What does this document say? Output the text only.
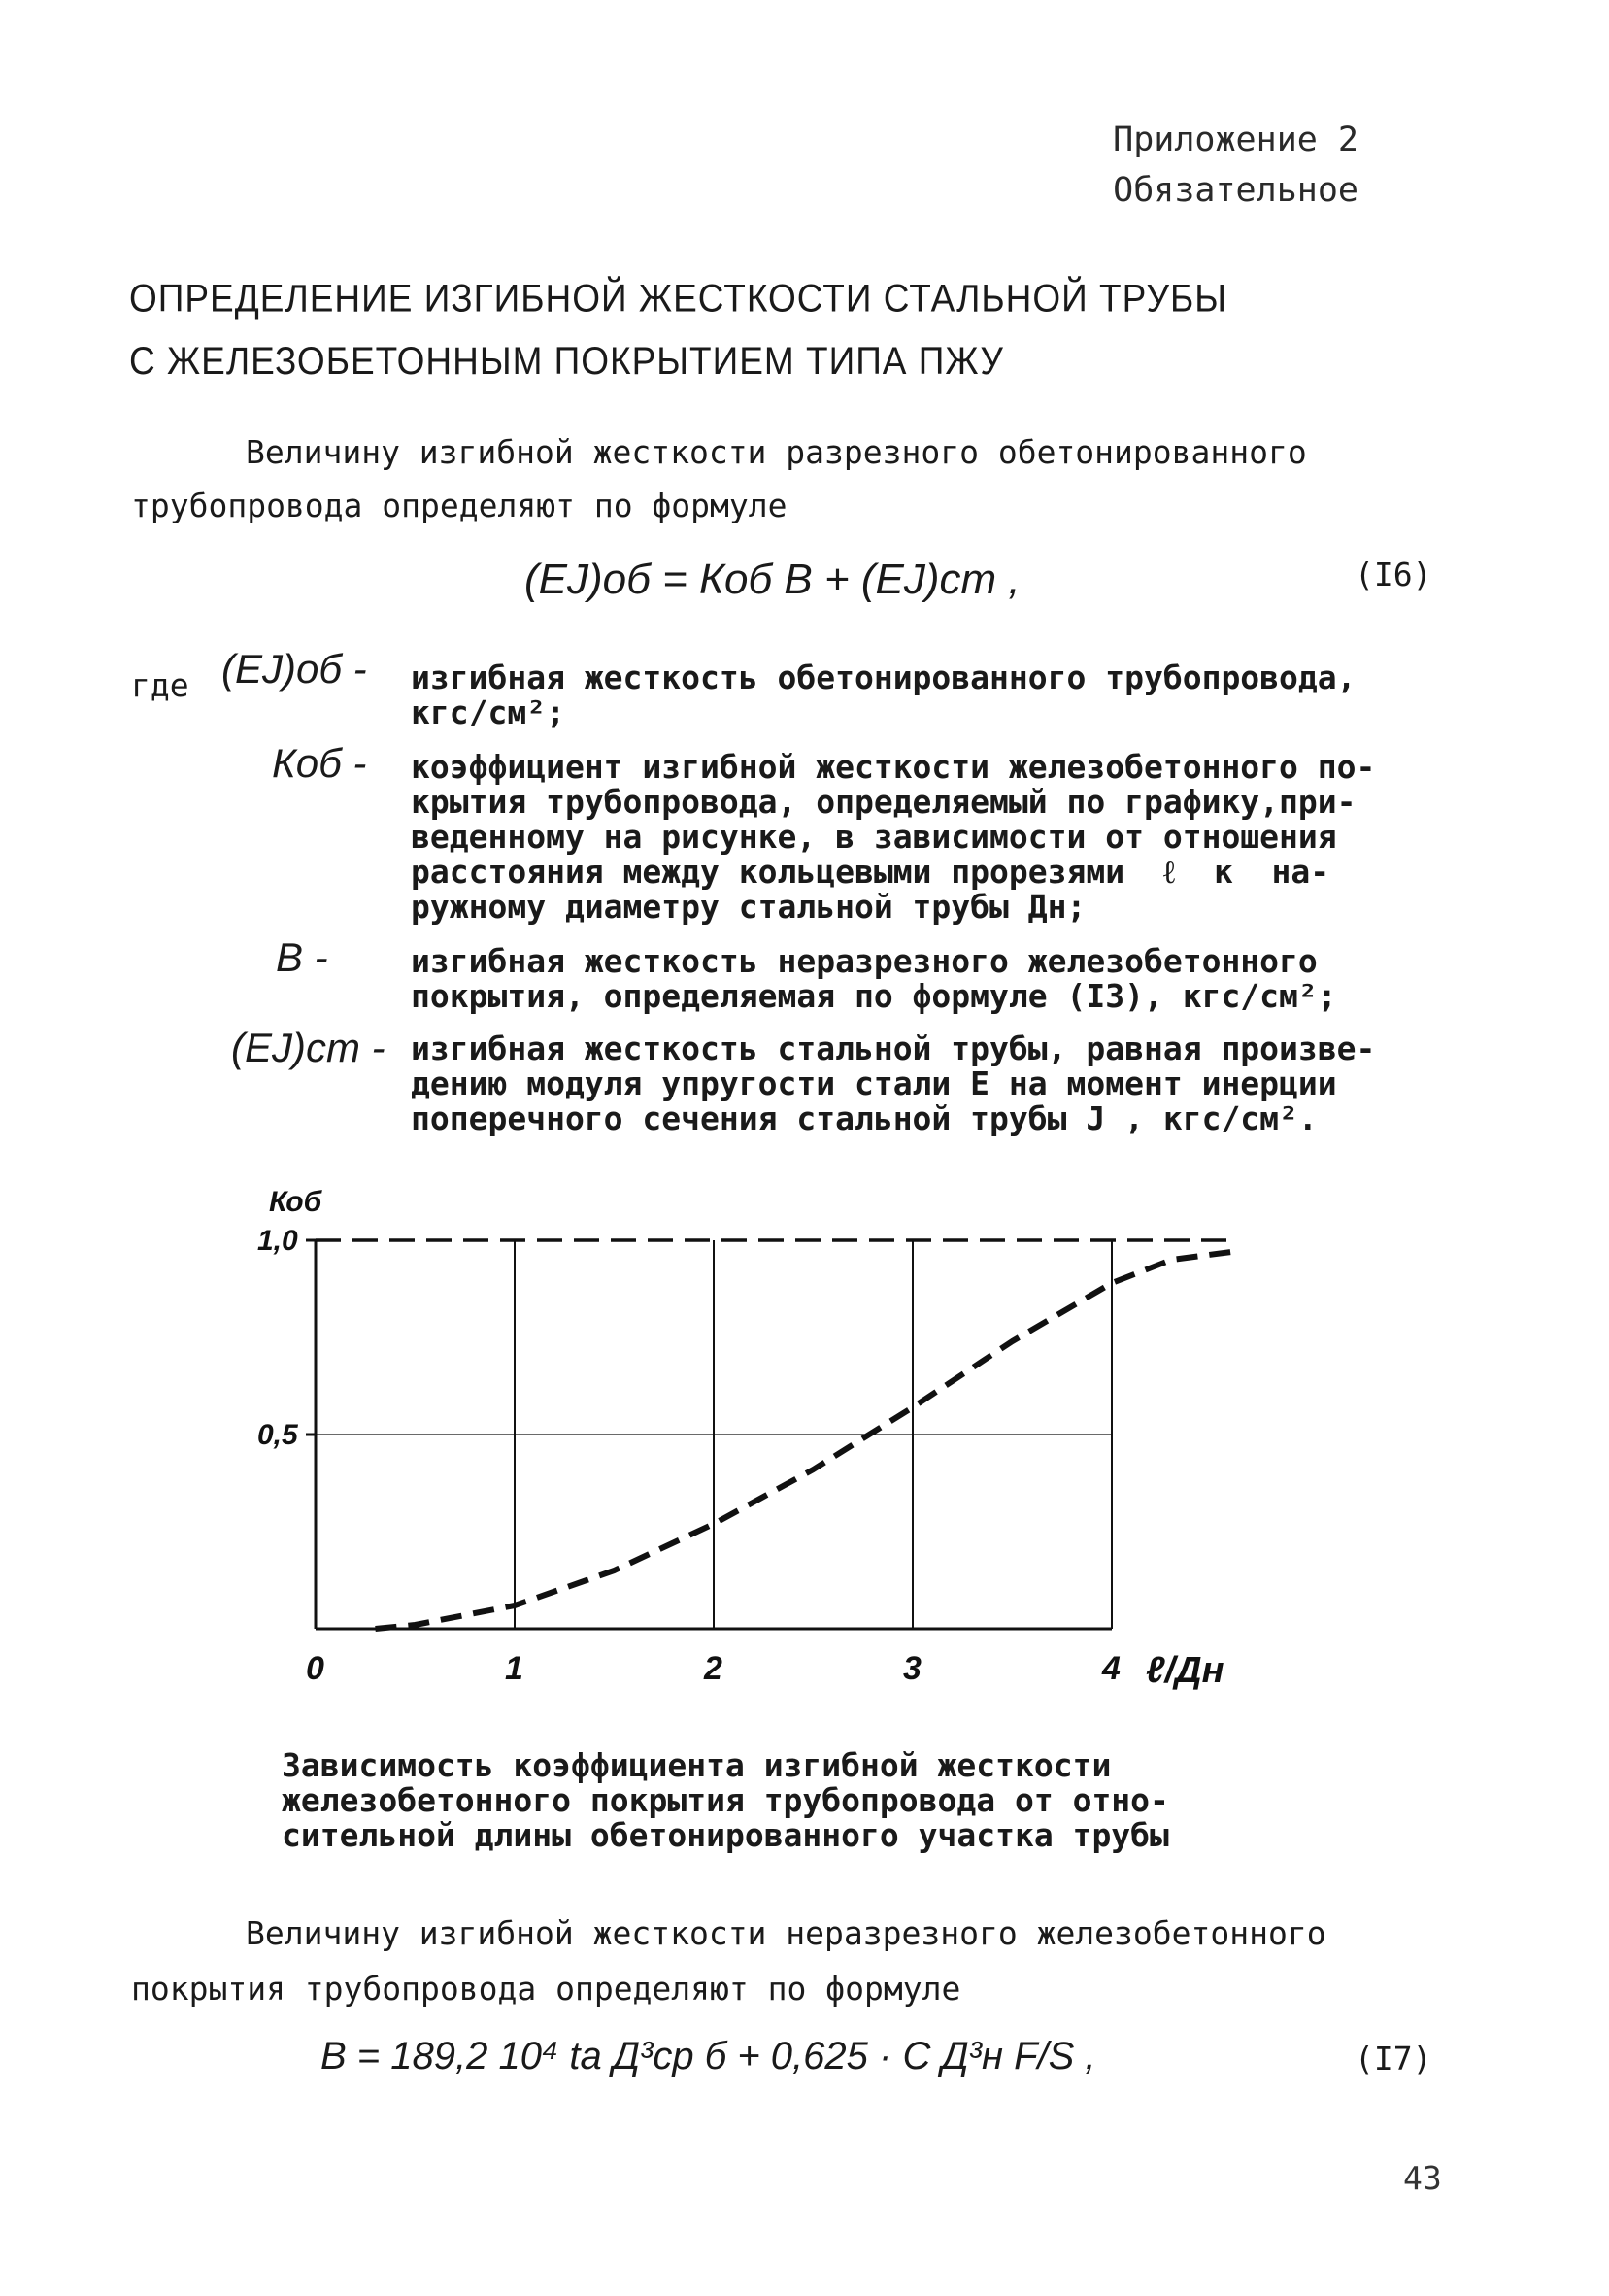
Приложение 2
Обязательное
ОПРЕДЕЛЕНИЕ ИЗГИБНОЙ ЖЕСТКОСТИ СТАЛЬНОЙ ТРУБЫ
С ЖЕЛЕЗОБЕТОННЫМ ПОКРЫТИЕМ ТИПА ПЖУ
Величину изгибной жесткости разрезного обетонированного
трубопровода определяют по формуле
(EJ)об = Коб В + (EJ)ст ,	(I6)
где (EJ)об - изгибная жесткость обетонированного трубопровода,
кгс/см²;
Коб - коэффициент изгибной жесткости железобетонного по-
крытия трубопровода, определяемый по графику,при-
веденному на рисунке, в зависимости от отношения
расстояния между кольцевыми прорезями  ℓ  к  на-
ружному диаметру стальной трубы Дн;
В -	изгибная жесткость неразрезного железобетонного
покрытия, определяемая по формуле (I3), кгс/см²;
(EJ)ст - изгибная жесткость стальной трубы, равная произве-
дению модуля упругости стали Е на момент инерции
поперечного сечения стальной трубы J , кгс/см².
0	1	2	3	4
0,5
1,0
Коб
ℓ/Дн
Зависимость коэффициента изгибной жесткости
железобетонного покрытия трубопровода от отно-
сительной длины обетонированного участка трубы
Величину изгибной жесткости неразрезного железобетонного
покрытия трубопровода определяют по формуле
B = 189,2 10⁴ tа Д³ср б + 0,625 · С Д³н F/S ,	(I7)
43
